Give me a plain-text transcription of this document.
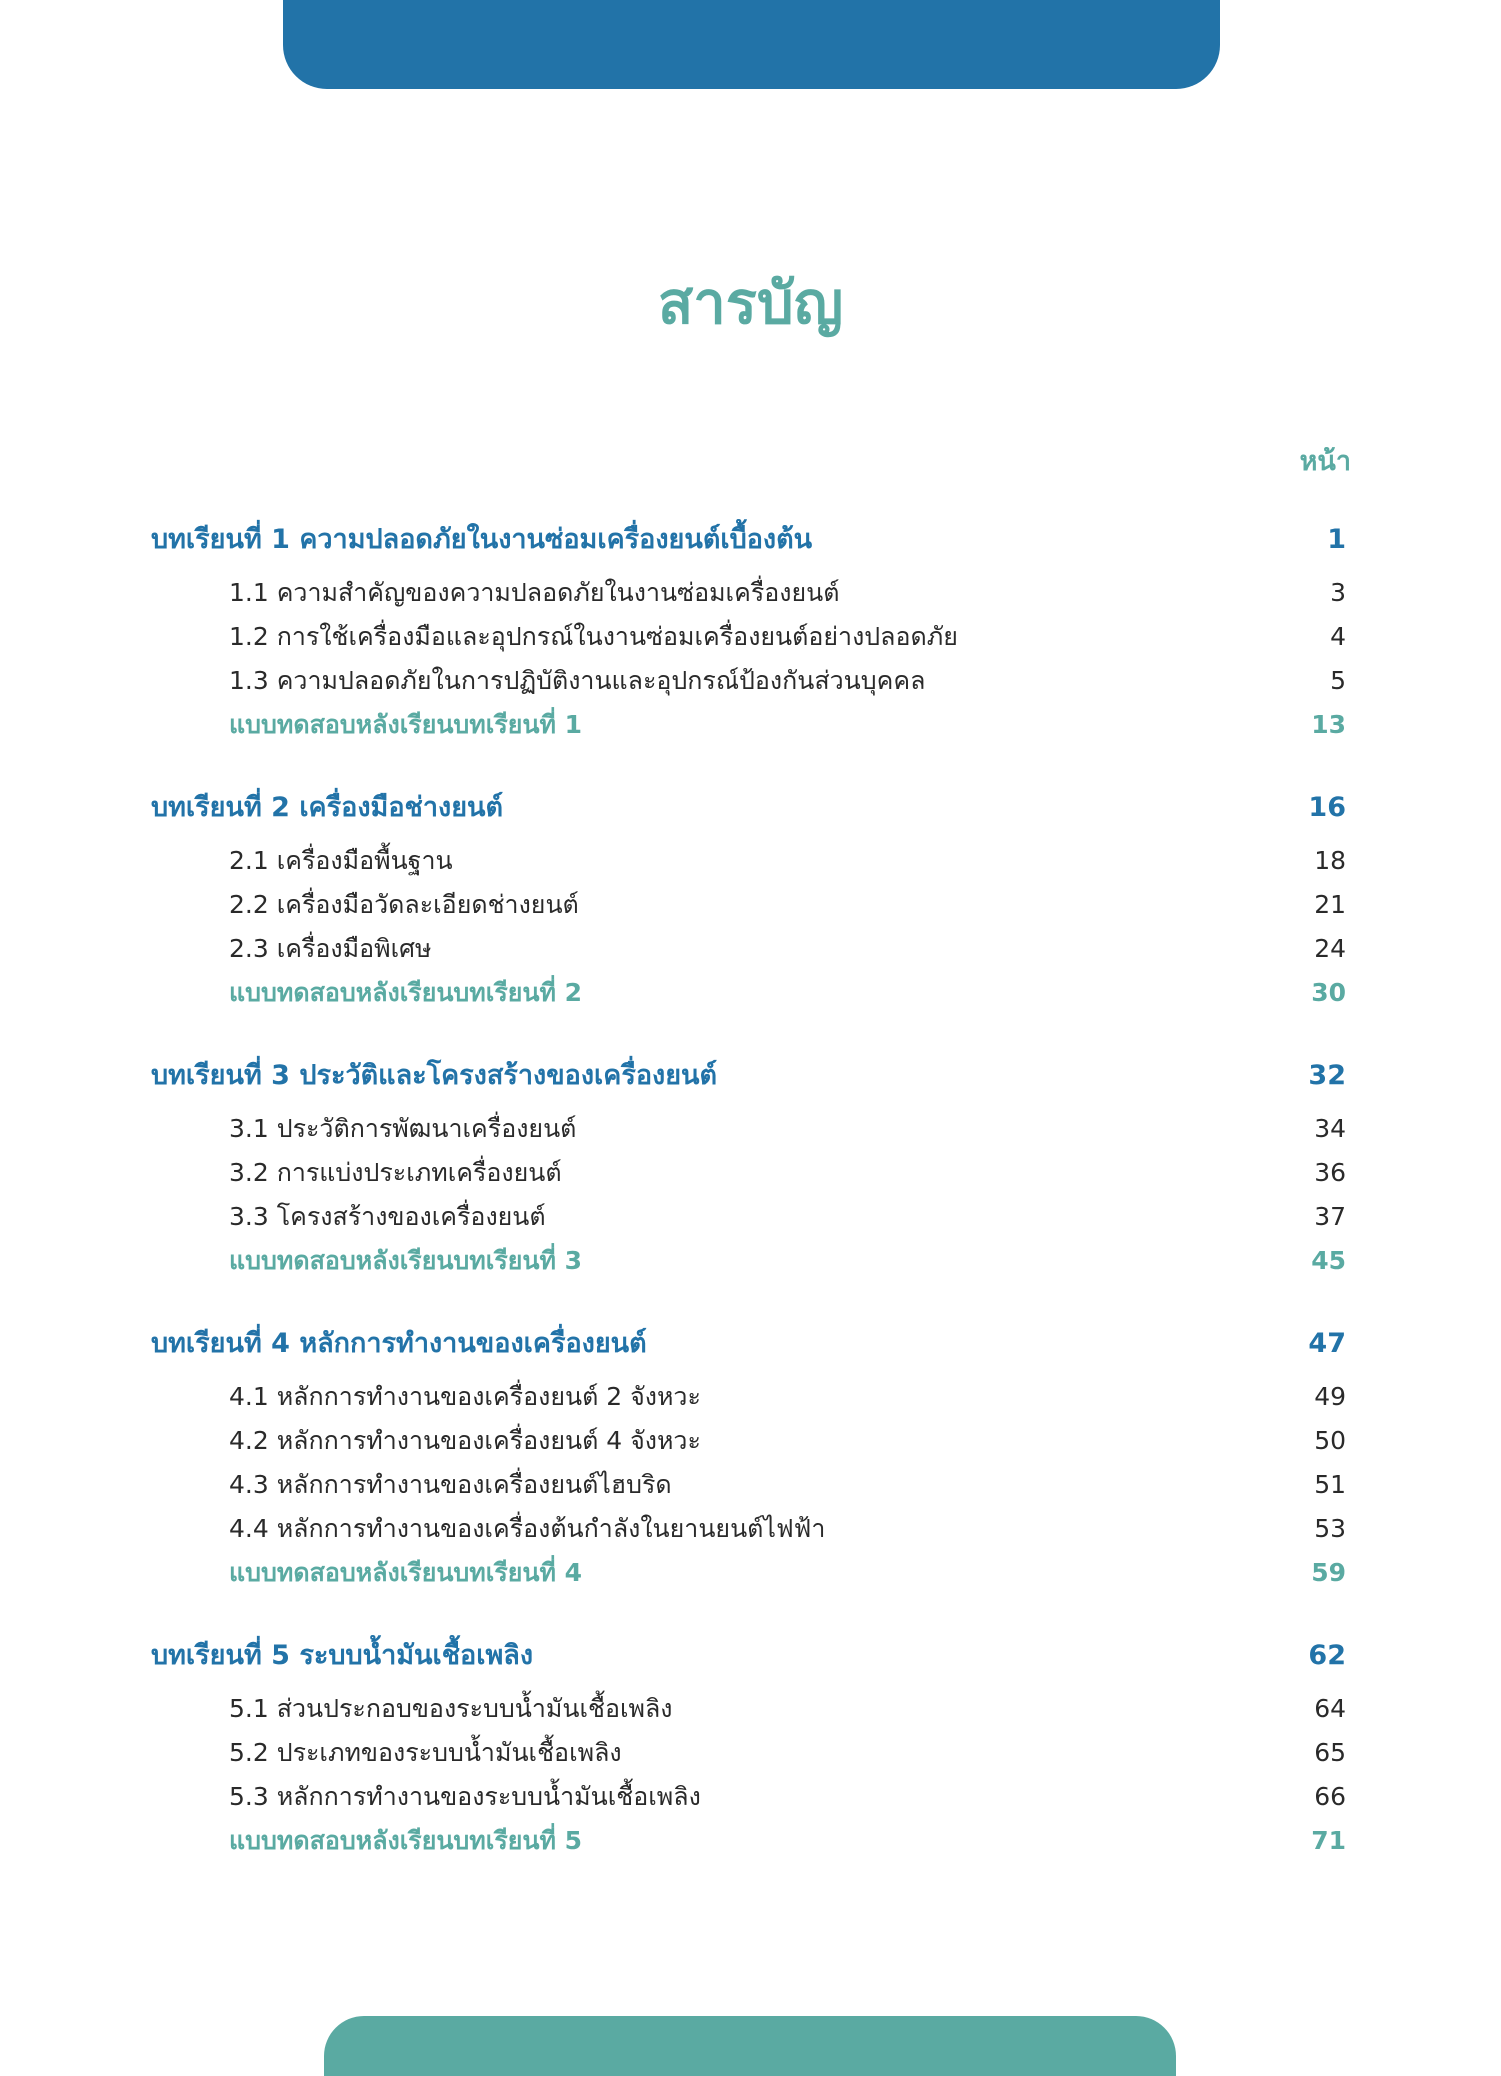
สารบัญ
หน้า
บทเรียนที่ 1 ความปลอดภัยในงานซ่อมเครื่องยนต์เบื้องต้น	1
1.1 ความสำคัญของความปลอดภัยในงานซ่อมเครื่องยนต์	3
1.2 การใช้เครื่องมือและอุปกรณ์ในงานซ่อมเครื่องยนต์อย่างปลอดภัย	4
1.3 ความปลอดภัยในการปฏิบัติงานและอุปกรณ์ป้องกันส่วนบุคคล	5
แบบทดสอบหลังเรียนบทเรียนที่ 1	13
บทเรียนที่ 2 เครื่องมือช่างยนต์	16
2.1 เครื่องมือพื้นฐาน	18
2.2 เครื่องมือวัดละเอียดช่างยนต์	21
2.3 เครื่องมือพิเศษ	24
แบบทดสอบหลังเรียนบทเรียนที่ 2	30
บทเรียนที่ 3 ประวัติและโครงสร้างของเครื่องยนต์	32
3.1 ประวัติการพัฒนาเครื่องยนต์	34
3.2 การแบ่งประเภทเครื่องยนต์	36
3.3 โครงสร้างของเครื่องยนต์	37
แบบทดสอบหลังเรียนบทเรียนที่ 3	45
บทเรียนที่ 4 หลักการทำงานของเครื่องยนต์	47
4.1 หลักการทำงานของเครื่องยนต์ 2 จังหวะ	49
4.2 หลักการทำงานของเครื่องยนต์ 4 จังหวะ	50
4.3 หลักการทำงานของเครื่องยนต์ไฮบริด	51
4.4 หลักการทำงานของเครื่องต้นกำลังในยานยนต์ไฟฟ้า	53
แบบทดสอบหลังเรียนบทเรียนที่ 4	59
บทเรียนที่ 5 ระบบน้ำมันเชื้อเพลิง	62
5.1 ส่วนประกอบของระบบน้ำมันเชื้อเพลิง	64
5.2 ประเภทของระบบน้ำมันเชื้อเพลิง	65
5.3 หลักการทำงานของระบบน้ำมันเชื้อเพลิง	66
แบบทดสอบหลังเรียนบทเรียนที่ 5	71
